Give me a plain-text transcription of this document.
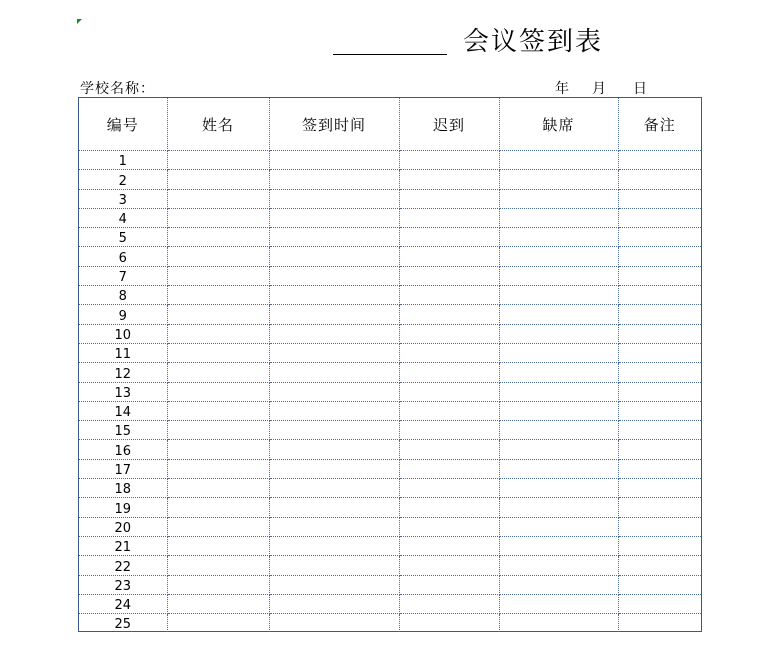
会议签到表
学校名称：	年 月 日
编号	姓名	签到时间	迟到	缺席	备注
1					
2					
3					
4					
5					
6					
7					
8					
9					
10					
11					
12					
13					
14					
15					
16					
17					
18					
19					
20					
21					
22					
23					
24					
25					
